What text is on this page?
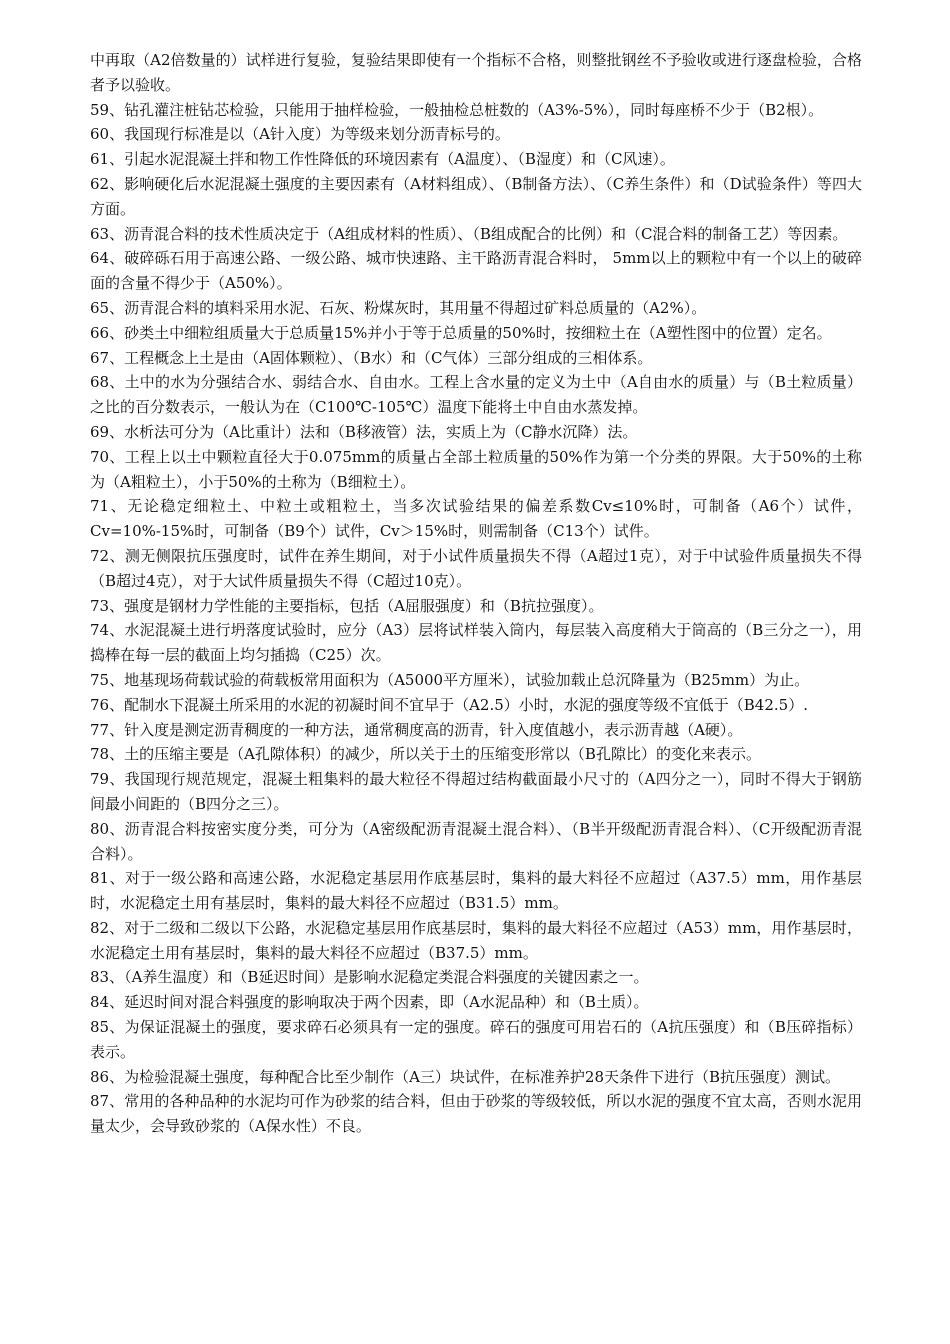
中再取（A2倍数量的）试样进行复验，复验结果即使有一个指标不合格，则整批钢丝不予验收或进行逐盘检验，合格者予以验收。

59、钻孔灌注桩钻芯检验，只能用于抽样检验，一般抽检总桩数的（A3%-5%），同时每座桥不少于（B2根）。

60、我国现行标准是以（A针入度）为等级来划分沥青标号的。

61、引起水泥混凝土拌和物工作性降低的环境因素有（A温度）、（B湿度）和（C风速）。

62、影响硬化后水泥混凝土强度的主要因素有（A材料组成）、（B制备方法）、（C养生条件）和（D试验条件）等四大方面。

63、沥青混合料的技术性质决定于（A组成材料的性质）、（B组成配合的比例）和（C混合料的制备工艺）等因素。

64、破碎砾石用于高速公路、一级公路、城市快速路、主干路沥青混合料时， 5mm以上的颗粒中有一个以上的破碎面的含量不得少于（A50%）。

65、沥青混合料的填料采用水泥、石灰、粉煤灰时，其用量不得超过矿料总质量的（A2%）。

66、砂类土中细粒组质量大于总质量15%并小于等于总质量的50%时，按细粒土在（A塑性图中的位置）定名。

67、工程概念上土是由（A固体颗粒）、（B水）和（C气体）三部分组成的三相体系。

68、土中的水为分强结合水、弱结合水、自由水。工程上含水量的定义为土中（A自由水的质量）与（B土粒质量）之比的百分数表示，一般认为在（C100℃-105℃）温度下能将土中自由水蒸发掉。

69、水析法可分为（A比重计）法和（B移液管）法，实质上为（C静水沉降）法。

70、工程上以土中颗粒直径大于0.075mm的质量占全部土粒质量的50%作为第一个分类的界限。大于50%的土称为（A粗粒土），小于50%的土称为（B细粒土）。

71、无论稳定细粒土、中粒土或粗粒土，当多次试验结果的偏差系数Cv≤10%时，可制备（A6个）试件，Cv=10%-15%时，可制备（B9个）试件，Cv＞15%时，则需制备（C13个）试件。

72、测无侧限抗压强度时，试件在养生期间，对于小试件质量损失不得（A超过1克），对于中试验件质量损失不得（B超过4克），对于大试件质量损失不得（C超过10克）。

73、强度是钢材力学性能的主要指标，包括（A屈服强度）和（B抗拉强度）。

74、水泥混凝土进行坍落度试验时，应分（A3）层将试样装入筒内，每层装入高度稍大于筒高的（B三分之一），用捣棒在每一层的截面上均匀插捣（C25）次。

75、地基现场荷载试验的荷载板常用面积为（A5000平方厘米），试验加载止总沉降量为（B25mm）为止。

76、配制水下混凝土所采用的水泥的初凝时间不宜早于（A2.5）小时，水泥的强度等级不宜低于（B42.5）.

77、针入度是测定沥青稠度的一种方法，通常稠度高的沥青，针入度值越小，表示沥青越（A硬）。

78、土的压缩主要是（A孔隙体积）的减少，所以关于土的压缩变形常以（B孔隙比）的变化来表示。

79、我国现行规范规定，混凝土粗集料的最大粒径不得超过结构截面最小尺寸的（A四分之一），同时不得大于钢筋间最小间距的（B四分之三）。

80、沥青混合料按密实度分类，可分为（A密级配沥青混凝土混合料）、（B半开级配沥青混合料）、（C开级配沥青混合料）。

81、对于一级公路和高速公路，水泥稳定基层用作底基层时，集料的最大料径不应超过（A37.5）mm，用作基层时，水泥稳定土用有基层时，集料的最大料径不应超过（B31.5）mm。

82、对于二级和二级以下公路，水泥稳定基层用作底基层时，集料的最大料径不应超过（A53）mm，用作基层时，水泥稳定土用有基层时，集料的最大料径不应超过（B37.5）mm。

83、（A养生温度）和（B延迟时间）是影响水泥稳定类混合料强度的关键因素之一。

84、延迟时间对混合料强度的影响取决于两个因素，即（A水泥品种）和（B土质）。

85、为保证混凝土的强度，要求碎石必须具有一定的强度。碎石的强度可用岩石的（A抗压强度）和（B压碎指标）表示。

86、为检验混凝土强度，每种配合比至少制作（A三）块试件，在标准养护28天条件下进行（B抗压强度）测试。

87、常用的各种品种的水泥均可作为砂浆的结合料，但由于砂浆的等级较低，所以水泥的强度不宜太高，否则水泥用量太少，会导致砂浆的（A保水性）不良。
